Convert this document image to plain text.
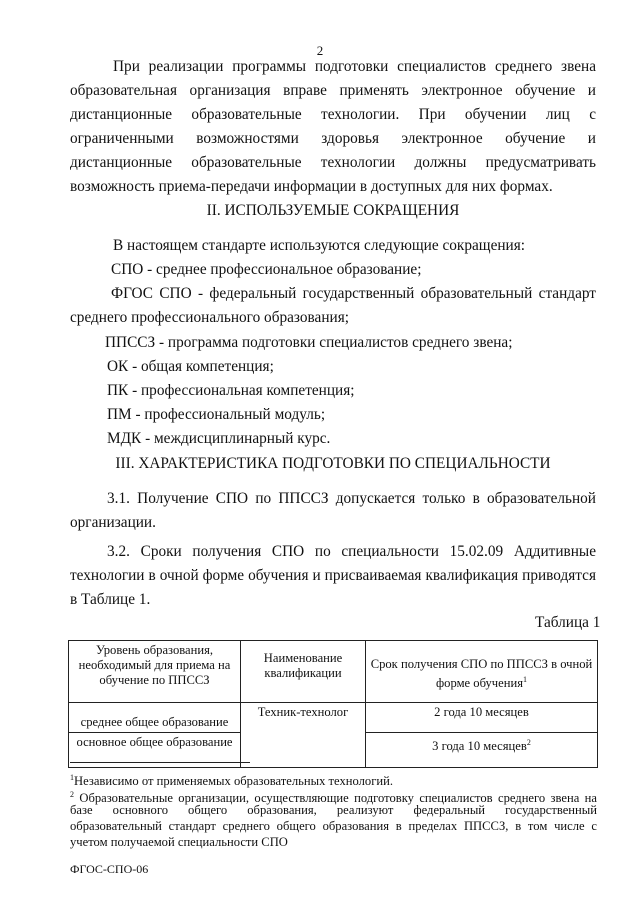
2
При реализации программы подготовки специалистов среднего звена
образовательная организация вправе применять электронное обучение и
дистанционные образовательные технологии. При обучении лиц с
ограниченными возможностями здоровья электронное обучение и
дистанционные образовательные технологии должны предусматривать
возможность приема-передачи информации в доступных для них формах.
II. ИСПОЛЬЗУЕМЫЕ СОКРАЩЕНИЯ
В настоящем стандарте используются следующие сокращения:
СПО - среднее профессиональное образование;
ФГОС СПО - федеральный государственный образовательный стандарт
среднего профессионального образования;
ППССЗ - программа подготовки специалистов среднего звена;
ОК - общая компетенция;
ПК - профессиональная компетенция;
ПМ - профессиональный модуль;
МДК - междисциплинарный курс.
III. ХАРАКТЕРИСТИКА ПОДГОТОВКИ ПО СПЕЦИАЛЬНОСТИ
3.1. Получение СПО по ППССЗ допускается только в образовательной
организации.
3.2. Сроки получения СПО по специальности 15.02.09 Аддитивные
технологии в очной форме обучения и присваиваемая квалификация приводятся
в Таблице 1.
Таблица 1
Уровень образования, необходимый для приема на обучение по ППССЗ	Наименование квалификации	Срок получения СПО по ППССЗ в очной форме обучения$^1$
среднее общее образование	Техник-технолог	2 года 10 месяцев
основное общее образование		3 года 10 месяцев$^2$
$^1$Независимо от применяемых образовательных технологий.
$^2$ Образовательные организации, осуществляющие подготовку специалистов среднего звена на
базе основного общего образования, реализуют федеральный государственный
образовательный стандарт среднего общего образования в пределах ППССЗ, в том числе с
учетом получаемой специальности СПО
ФГОС-СПО-06
